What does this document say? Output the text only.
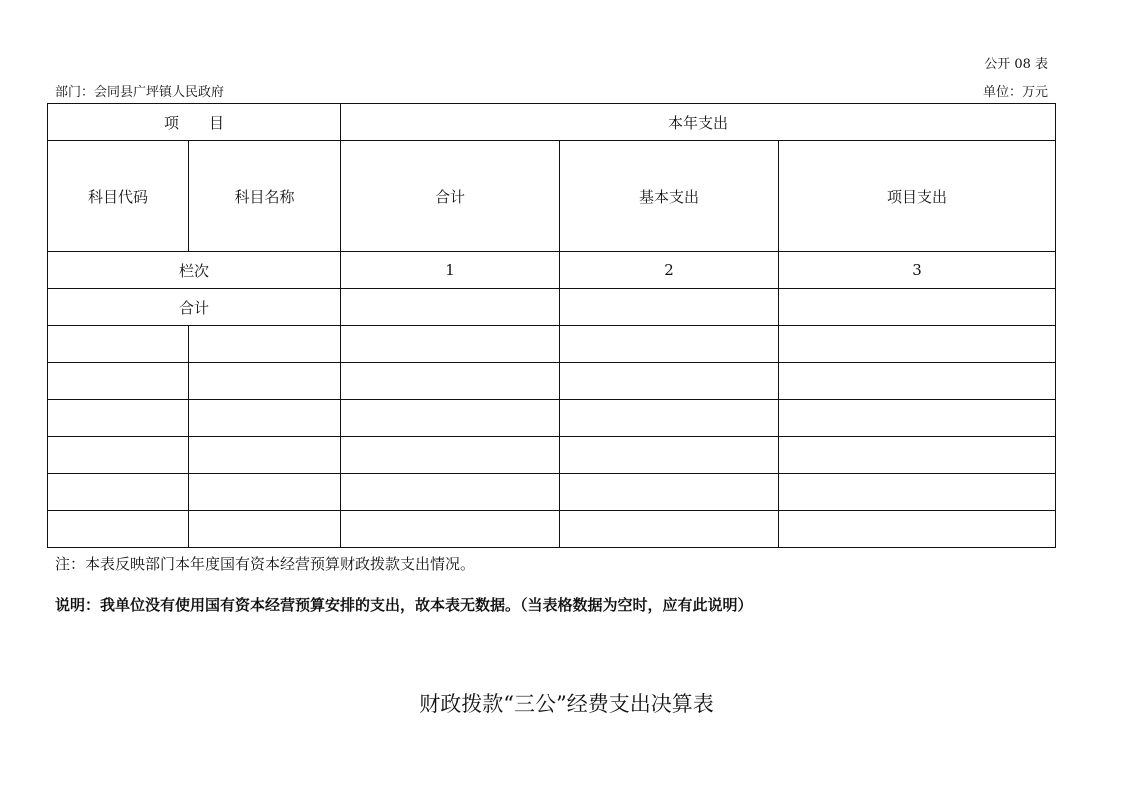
公开 08 表
部门：会同县广坪镇人民政府	单位：万元
项　　目		本年支出		
科目代码	科目名称	合计	基本支出	项目支出
栏次		1	2	3
合计				

注：本表反映部门本年度国有资本经营预算财政拨款支出情况。
说明：我单位没有使用国有资本经营预算安排的支出，故本表无数据。（当表格数据为空时，应有此说明）
财政拨款“三公”经费支出决算表
